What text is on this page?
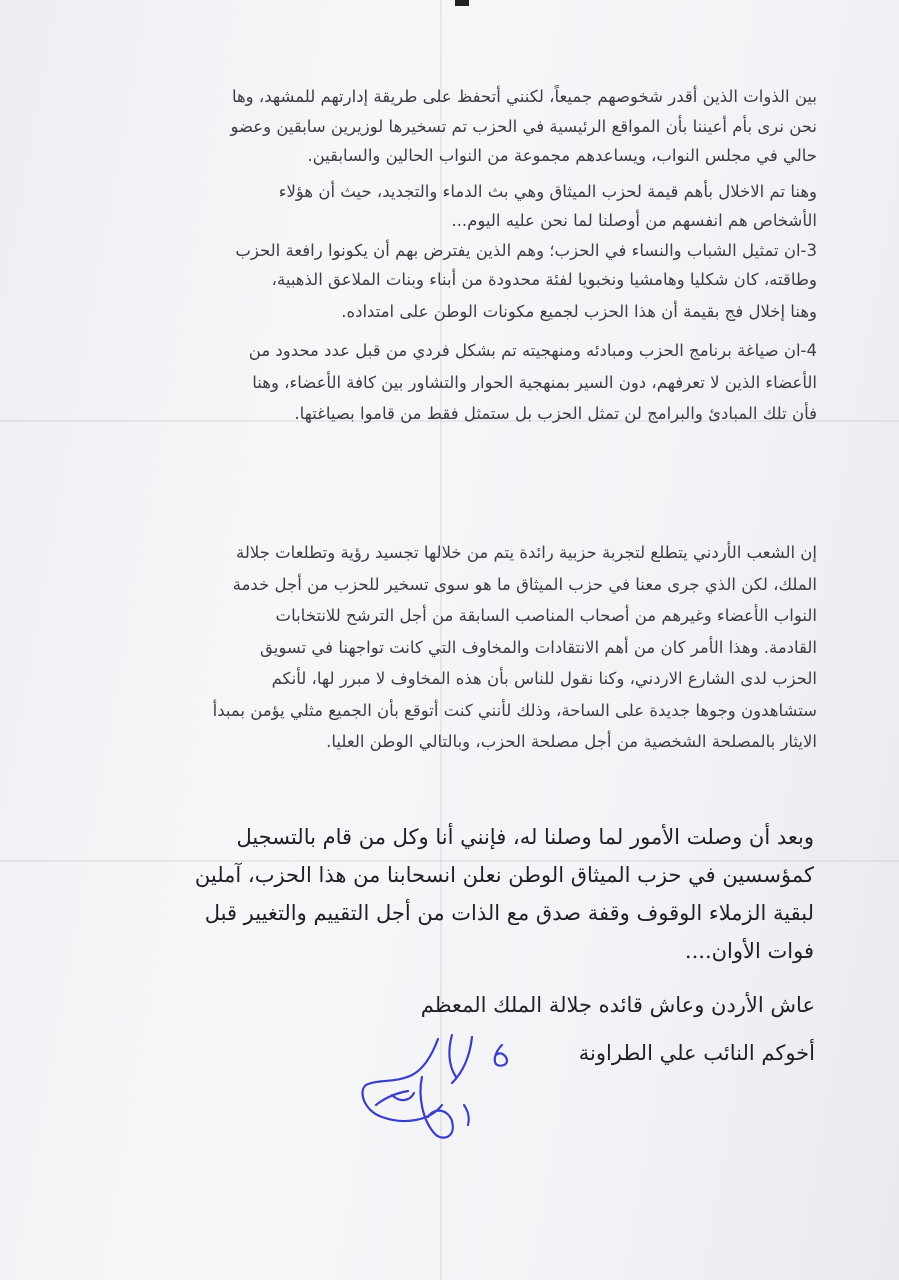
بين الذوات الذين أقدر شخوصهم جميعاً، لكنني أتحفظ على طريقة إدارتهم للمشهد، وها
نحن نرى بأم أعيننا بأن المواقع الرئيسية في الحزب تم تسخيرها لوزيرين سابقين وعضو
حالي في مجلس النواب، ويساعدهم مجموعة من النواب الحالين والسابقين.
وهنا تم الاخلال بأهم قيمة لحزب الميثاق وهي بث الدماء والتجديد، حيث أن هؤلاء
الأشخاص هم انفسهم من أوصلنا لما نحن عليه اليوم...
3-ان تمثيل الشباب والنساء في الحزب؛ وهم الذين يفترض بهم أن يكونوا رافعة الحزب
وطاقته، كان شكليا وهامشيا ونخبويا لفئة محدودة من أبناء وبنات الملاعق الذهبية،
وهنا إخلال فج بقيمة أن هذا الحزب لجميع مكونات الوطن على امتداده.
4-ان صياغة برنامج الحزب ومبادئه ومنهجيته تم بشكل فردي من قبل عدد محدود من
الأعضاء الذين لا تعرفهم، دون السير بمنهجية الحوار والتشاور بين كافة الأعضاء، وهنا
فأن تلك المبادئ والبرامج لن تمثل الحزب بل ستمثل فقط من قاموا بصياغتها.
إن الشعب الأردني يتطلع لتجربة حزبية رائدة يتم من خلالها تجسيد رؤية وتطلعات جلالة
الملك، لكن الذي جرى معنا في حزب الميثاق ما هو سوى تسخير للحزب من أجل خدمة
النواب الأعضاء وغيرهم من أصحاب المناصب السابقة من أجل الترشح للانتخابات
القادمة. وهذا الأمر كان من أهم الانتقادات والمخاوف التي كانت تواجهنا في تسويق
الحزب لدى الشارع الاردني، وكنا نقول للناس بأن هذه المخاوف لا مبرر لها، لأنكم
ستشاهدون وجوها جديدة على الساحة، وذلك لأنني كنت أتوقع بأن الجميع مثلي يؤمن بمبدأ
الايثار بالمصلحة الشخصية من أجل مصلحة الحزب، وبالتالي الوطن العليا.
وبعد أن وصلت الأمور لما وصلنا له، فإنني أنا وكل من قام بالتسجيل
كمؤسسين في حزب الميثاق الوطن نعلن انسحابنا من هذا الحزب، آملين
لبقية الزملاء الوقوف وقفة صدق مع الذات من أجل التقييم والتغيير قبل
فوات الأوان....
عاش الأردن وعاش قائده جلالة الملك المعظم
أخوكم النائب علي الطراونة
